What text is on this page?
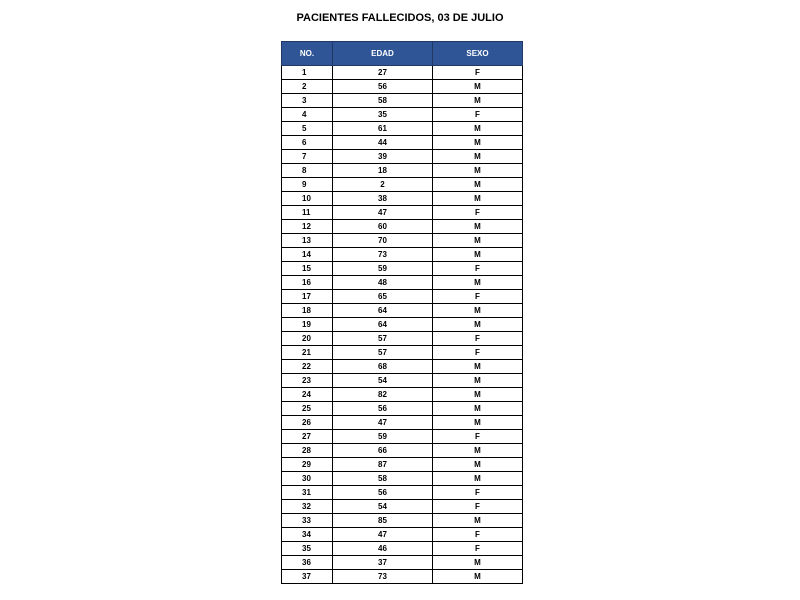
PACIENTES FALLECIDOS, 03 DE JULIO
NO.	EDAD	SEXO
1	27	F
2	56	M
3	58	M
4	35	F
5	61	M
6	44	M
7	39	M
8	18	M
9	2	M
10	38	M
11	47	F
12	60	M
13	70	M
14	73	M
15	59	F
16	48	M
17	65	F
18	64	M
19	64	M
20	57	F
21	57	F
22	68	M
23	54	M
24	82	M
25	56	M
26	47	M
27	59	F
28	66	M
29	87	M
30	58	M
31	56	F
32	54	F
33	85	M
34	47	F
35	46	F
36	37	M
37	73	M
